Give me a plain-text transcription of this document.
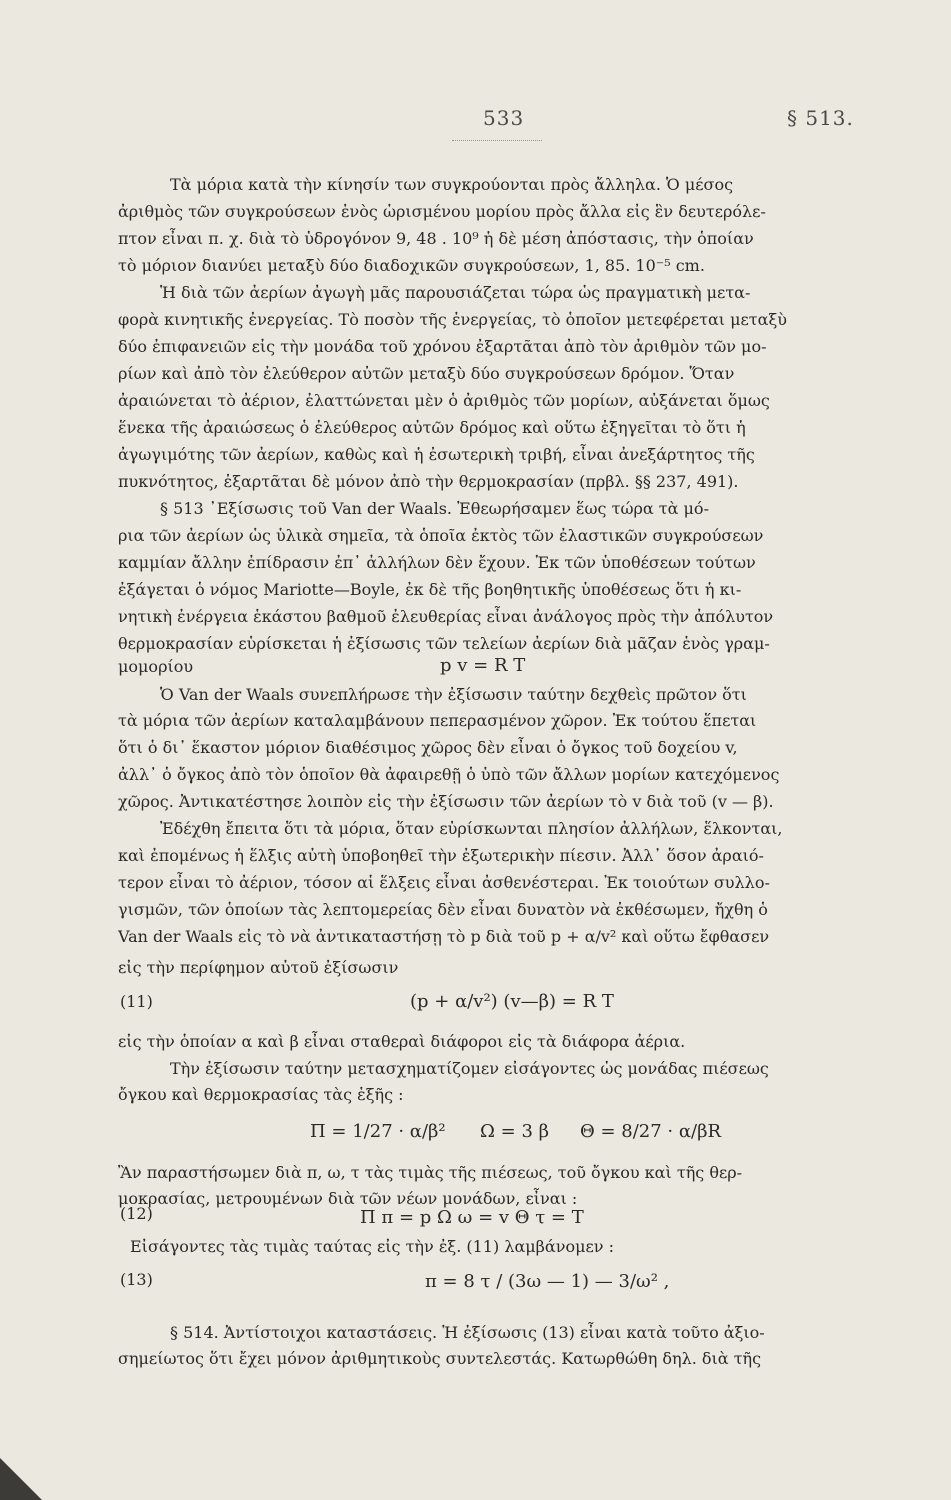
533	§ 513.
Τὰ μόρια κατὰ τὴν κίνησίν των συγκρούονται πρὸς ἄλληλα. Ὁ μέσος
ἀριθμὸς τῶν συγκρούσεων ἑνὸς ὡρισμένου μορίου πρὸς ἄλλα εἰς ἓν δευτερόλε-
πτον εἶναι π. χ. διὰ τὸ ὑδρογόνον 9, 48 . 10⁹ ἡ δὲ μέση ἀπόστασις, τὴν ὁποίαν
τὸ μόριον διανύει μεταξὺ δύο διαδοχικῶν συγκρούσεων, 1, 85. 10⁻⁵ cm.
Ἡ διὰ τῶν ἀερίων ἀγωγὴ μᾶς παρουσιάζεται τώρα ὡς πραγματικὴ μετα-
φορὰ κινητικῆς ἐνεργείας. Τὸ ποσὸν τῆς ἐνεργείας, τὸ ὁποῖον μετεφέρεται μεταξὺ
δύο ἐπιφανειῶν εἰς τὴν μονάδα τοῦ χρόνου ἐξαρτᾶται ἀπὸ τὸν ἀριθμὸν τῶν μο-
ρίων καὶ ἀπὸ τὸν ἐλεύθερον αὐτῶν μεταξὺ δύο συγκρούσεων δρόμον. Ὅταν
ἀραιώνεται τὸ ἀέριον, ἐλαττώνεται μὲν ὁ ἀριθμὸς τῶν μορίων, αὐξάνεται ὅμως
ἕνεκα τῆς ἀραιώσεως ὁ ἐλεύθερος αὐτῶν δρόμος καὶ οὕτω ἐξηγεῖται τὸ ὅτι ἡ
ἀγωγιμότης τῶν ἀερίων, καθὼς καὶ ἡ ἐσωτερικὴ τριβή, εἶναι ἀνεξάρτητος τῆς
πυκνότητος, ἐξαρτᾶται δὲ μόνον ἀπὸ τὴν θερμοκρασίαν (πρβλ. §§ 237, 491).
§ 513 ᾽Εξίσωσις τοῦ Van der Waals. Ἐθεωρήσαμεν ἕως τώρα τὰ μό-
ρια τῶν ἀερίων ὡς ὑλικὰ σημεῖα, τὰ ὁποῖα ἐκτὸς τῶν ἐλαστικῶν συγκρούσεων
καμμίαν ἄλλην ἐπίδρασιν ἐπ᾽ ἀλλήλων δὲν ἔχουν. Ἐκ τῶν ὑποθέσεων τούτων
ἐξάγεται ὁ νόμος Mariotte—Boyle, ἐκ δὲ τῆς βοηθητικῆς ὑποθέσεως ὅτι ἡ κι-
νητικὴ ἐνέργεια ἑκάστου βαθμοῦ ἐλευθερίας εἶναι ἀνάλογος πρὸς τὴν ἀπόλυτον
θερμοκρασίαν εὑρίσκεται ἡ ἐξίσωσις τῶν τελείων ἀερίων διὰ μᾶζαν ἑνὸς γραμ-
μομορίου	p v = R T
Ὁ Van der Waals συνεπλήρωσε τὴν ἐξίσωσιν ταύτην δεχθεὶς πρῶτον ὅτι
τὰ μόρια τῶν ἀερίων καταλαμβάνουν πεπερασμένον χῶρον. Ἐκ τούτου ἕπεται
ὅτι ὁ δι᾽ ἕκαστον μόριον διαθέσιμος χῶρος δὲν εἶναι ὁ ὄγκος τοῦ δοχείου v,
ἀλλ᾽ ὁ ὄγκος ἀπὸ τὸν ὁποῖον θὰ ἀφαιρεθῇ ὁ ὑπὸ τῶν ἄλλων μορίων κατεχόμενος
χῶρος. Ἀντικατέστησε λοιπὸν εἰς τὴν ἐξίσωσιν τῶν ἀερίων τὸ v διὰ τοῦ (v — β).
Ἐδέχθη ἔπειτα ὅτι τὰ μόρια, ὅταν εὑρίσκωνται πλησίον ἀλλήλων, ἕλκονται,
καὶ ἐπομένως ἡ ἕλξις αὐτὴ ὑποβοηθεῖ τὴν ἐξωτερικὴν πίεσιν. Ἀλλ᾽ ὅσον ἀραιό-
τερον εἶναι τὸ ἀέριον, τόσον αἱ ἕλξεις εἶναι ἀσθενέστεραι. Ἐκ τοιούτων συλλο-
γισμῶν, τῶν ὁποίων τὰς λεπτομερείας δὲν εἶναι δυνατὸν νὰ ἐκθέσωμεν, ἤχθη ὁ
Van der Waals εἰς τὸ νὰ ἀντικαταστήσῃ τὸ p διὰ τοῦ p + α/v² καὶ οὕτω ἔφθασεν
εἰς τὴν περίφημον αὐτοῦ ἐξίσωσιν
(11)	(p + α/v²) (v—β) = R T
εἰς τὴν ὁποίαν α καὶ β εἶναι σταθεραὶ διάφοροι εἰς τὰ διάφορα ἀέρια.
Τὴν ἐξίσωσιν ταύτην μετασχηματίζομεν εἰσάγοντες ὡς μονάδας πιέσεως
ὄγκου καὶ θερμοκρασίας τὰς ἑξῆς :
Π = 1/27 · α/β² Ω = 3 β Θ = 8/27 · α/βR
Ἂν παραστήσωμεν διὰ π, ω, τ τὰς τιμὰς τῆς πιέσεως, τοῦ ὄγκου καὶ τῆς θερ-
μοκρασίας, μετρουμένων διὰ τῶν νέων μονάδων, εἶναι :
(12)	Π π = p Ω ω = v Θ τ = T
Εἰσάγοντες τὰς τιμὰς ταύτας εἰς τὴν ἐξ. (11) λαμβάνομεν :
(13)	π = 8 τ / (3ω — 1) — 3/ω² ,
§ 514. Ἀντίστοιχοι καταστάσεις. Ἡ ἐξίσωσις (13) εἶναι κατὰ τοῦτο ἀξιο-
σημείωτος ὅτι ἔχει μόνον ἀριθμητικοὺς συντελεστάς. Κατωρθώθη δηλ. διὰ τῆς
